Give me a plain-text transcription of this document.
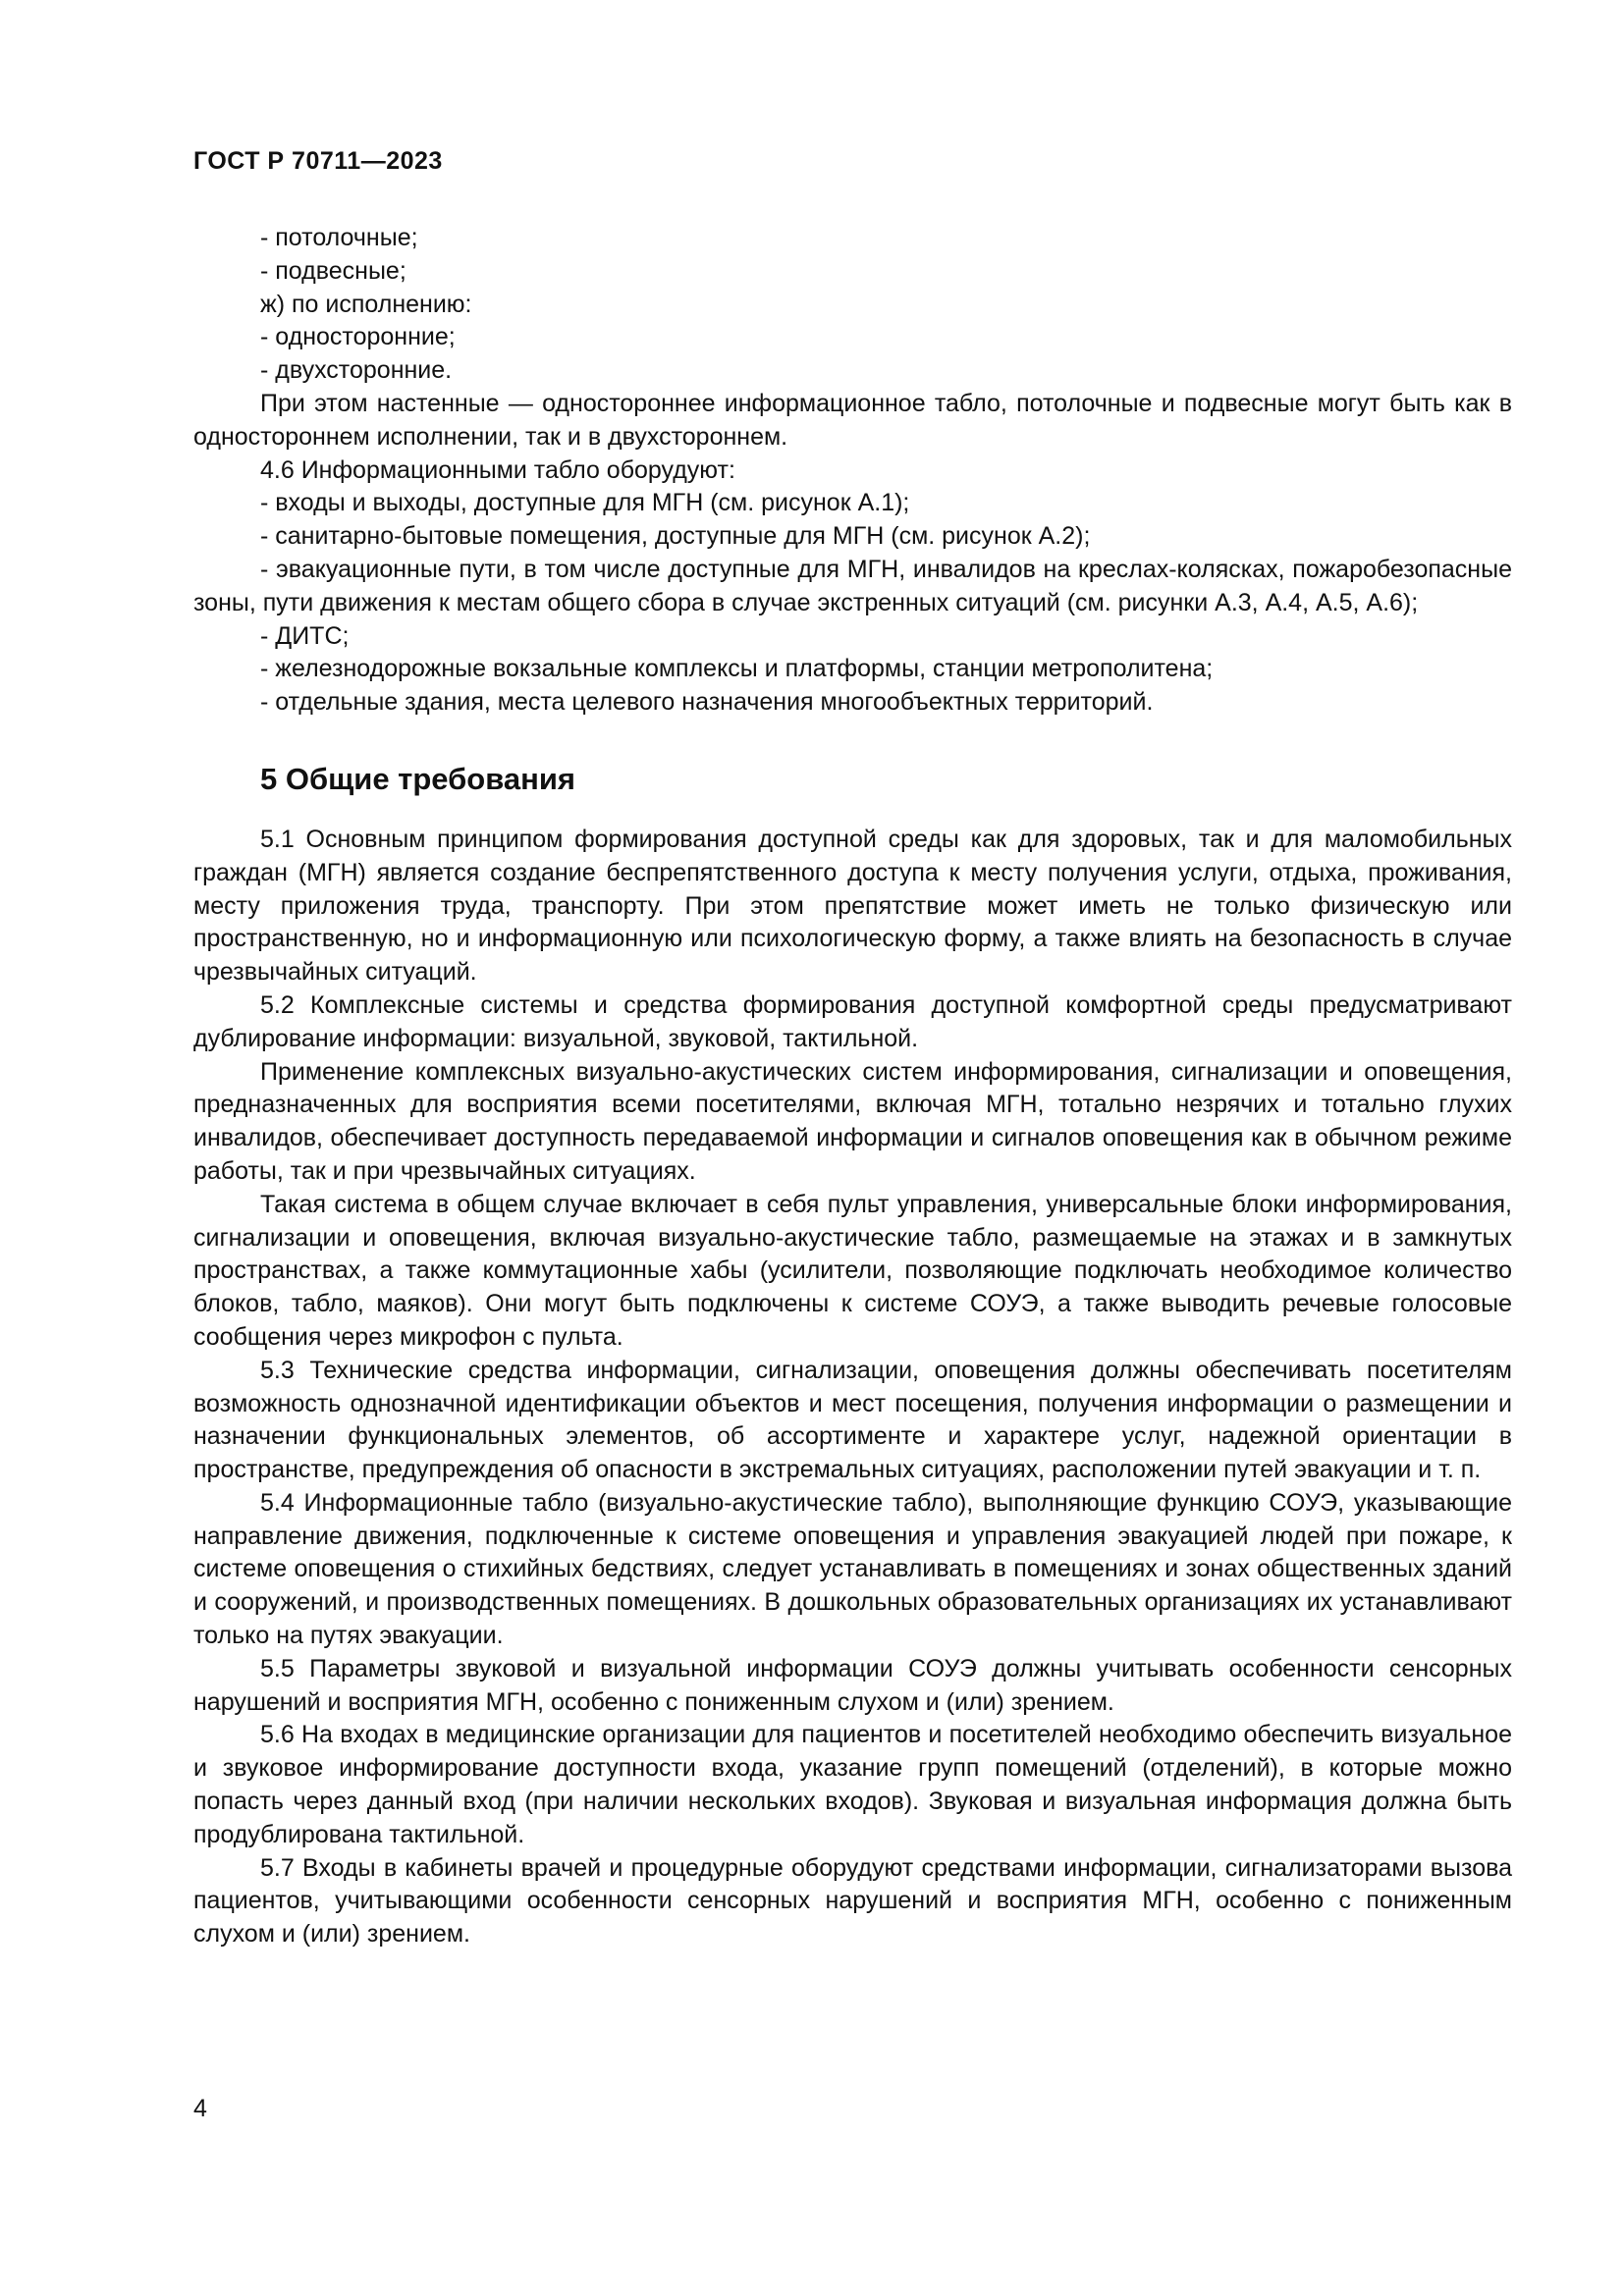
ГОСТ Р 70711—2023

- потолочные;

- подвесные;

ж) по исполнению:

- односторонние;

- двухсторонние.

При этом настенные — одностороннее информационное табло, потолочные и подвесные могут быть как в одностороннем исполнении, так и в двухстороннем.

4.6 Информационными табло оборудуют:

- входы и выходы, доступные для МГН (см. рисунок А.1);

- санитарно-бытовые помещения, доступные для МГН (см. рисунок А.2);

- эвакуационные пути, в том числе доступные для МГН, инвалидов на креслах-колясках, пожаробезопасные зоны, пути движения к местам общего сбора в случае экстренных ситуаций (см. рисунки А.3, А.4, А.5, А.6);

- ДИТС;

- железнодорожные вокзальные комплексы и платформы, станции метрополитена;

- отдельные здания, места целевого назначения многообъектных территорий.

5 Общие требования

5.1 Основным принципом формирования доступной среды как для здоровых, так и для маломобильных граждан (МГН) является создание беспрепятственного доступа к месту получения услуги, отдыха, проживания, месту приложения труда, транспорту. При этом препятствие может иметь не только физическую или пространственную, но и информационную или психологическую форму, а также влиять на безопасность в случае чрезвычайных ситуаций.

5.2 Комплексные системы и средства формирования доступной комфортной среды предусматривают дублирование информации: визуальной, звуковой, тактильной.

Применение комплексных визуально-акустических систем информирования, сигнализации и оповещения, предназначенных для восприятия всеми посетителями, включая МГН, тотально незрячих и тотально глухих инвалидов, обеспечивает доступность передаваемой информации и сигналов оповещения как в обычном режиме работы, так и при чрезвычайных ситуациях.

Такая система в общем случае включает в себя пульт управления, универсальные блоки информирования, сигнализации и оповещения, включая визуально-акустические табло, размещаемые на этажах и в замкнутых пространствах, а также коммутационные хабы (усилители, позволяющие подключать необходимое количество блоков, табло, маяков). Они могут быть подключены к системе СОУЭ, а также выводить речевые голосовые сообщения через микрофон с пульта.

5.3 Технические средства информации, сигнализации, оповещения должны обеспечивать посетителям возможность однозначной идентификации объектов и мест посещения, получения информации о размещении и назначении функциональных элементов, об ассортименте и характере услуг, надежной ориентации в пространстве, предупреждения об опасности в экстремальных ситуациях, расположении путей эвакуации и т. п.

5.4 Информационные табло (визуально-акустические табло), выполняющие функцию СОУЭ, указывающие направление движения, подключенные к системе оповещения и управления эвакуацией людей при пожаре, к системе оповещения о стихийных бедствиях, следует устанавливать в помещениях и зонах общественных зданий и сооружений, и производственных помещениях. В дошкольных образовательных организациях их устанавливают только на путях эвакуации.

5.5 Параметры звуковой и визуальной информации СОУЭ должны учитывать особенности сенсорных нарушений и восприятия МГН, особенно с пониженным слухом и (или) зрением.

5.6 На входах в медицинские организации для пациентов и посетителей необходимо обеспечить визуальное и звуковое информирование доступности входа, указание групп помещений (отделений), в которые можно попасть через данный вход (при наличии нескольких входов). Звуковая и визуальная информация должна быть продублирована тактильной.

5.7 Входы в кабинеты врачей и процедурные оборудуют средствами информации, сигнализаторами вызова пациентов, учитывающими особенности сенсорных нарушений и восприятия МГН, особенно с пониженным слухом и (или) зрением.

4
